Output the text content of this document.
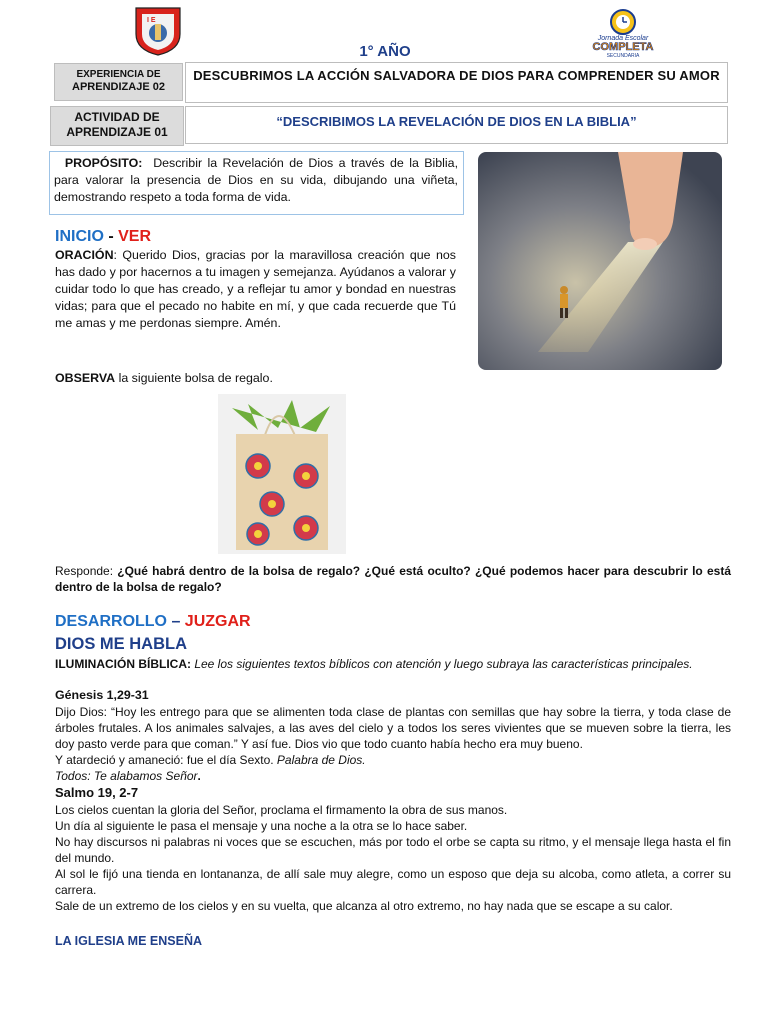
I E
Jornada Escolar
COMPLETA
SECUNDARIA
1° AÑO
EXPERIENCIA DE
APRENDIZAJE 02
DESCUBRIMOS LA ACCIÓN SALVADORA DE DIOS PARA COMPRENDER SU AMOR
ACTIVIDAD DE
APRENDIZAJE 01
“DESCRIBIMOS LA REVELACIÓN DE DIOS EN LA BIBLIA”
PROPÓSITO: Describir la Revelación de Dios a través de la Biblia, para valorar la presencia de Dios en su vida, dibujando una viñeta, demostrando respeto a toda forma de vida.
INICIO - VER
ORACIÓN: Querido Dios, gracias por la maravillosa creación que nos has dado y por hacernos a tu imagen y semejanza. Ayúdanos a valorar y cuidar todo lo que has creado, y a reflejar tu amor y bondad en nuestras vidas; para que el pecado no habite en mí, y que cada recuerde que Tú me amas y me perdonas siempre. Amén.
OBSERVA la siguiente bolsa de regalo.
Responde: ¿Qué habrá dentro de la bolsa de regalo? ¿Qué está oculto? ¿Qué podemos hacer para descubrir lo está dentro de la bolsa de regalo?
DESARROLLO – JUZGAR
DIOS ME HABLA
ILUMINACIÓN BÍBLICA: Lee los siguientes textos bíblicos con atención y luego subraya las características principales.
Génesis 1,29-31
Dijo Dios: “Hoy les entrego para que se alimenten toda clase de plantas con semillas que hay sobre la tierra, y toda clase de árboles frutales. A los animales salvajes, a las aves del cielo y a todos los seres vivientes que se mueven sobre la tierra, les doy pasto verde para que coman.” Y así fue. Dios vio que todo cuanto había hecho era muy bueno.
Y atardeció y amaneció: fue el día Sexto. Palabra de Dios.
Todos: Te alabamos Señor.
Salmo 19, 2-7
Los cielos cuentan la gloria del Señor, proclama el firmamento la obra de sus manos.
Un día al siguiente le pasa el mensaje y una noche a la otra se lo hace saber.
No hay discursos ni palabras ni voces que se escuchen, más por todo el orbe se capta su ritmo, y el mensaje llega hasta el fin del mundo.
Al sol le fijó una tienda en lontananza, de allí sale muy alegre, como un esposo que deja su alcoba, como atleta, a correr su carrera.
Sale de un extremo de los cielos y en su vuelta, que alcanza al otro extremo, no hay nada que se escape a su calor.
LA IGLESIA ME ENSEÑA
